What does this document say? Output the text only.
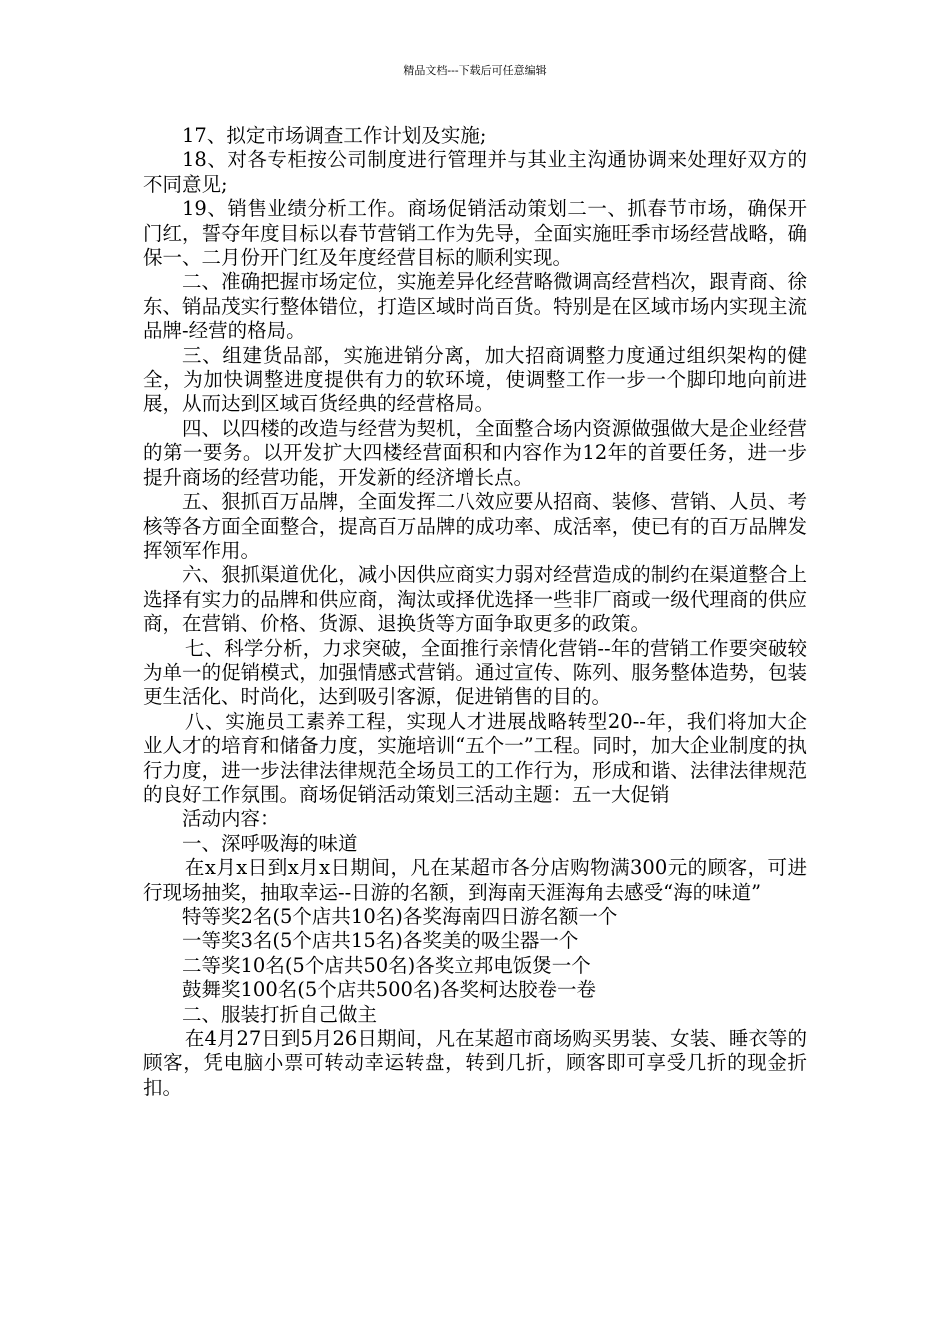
精品文档---下载后可任意编辑

17、拟定市场调查工作计划及实施;

18、对各专柜按公司制度进行管理并与其业主沟通协调来处理好双方的不同意见;

19、销售业绩分析工作。商场促销活动策划二一、抓春节市场，确保开门红，誓夺年度目标以春节营销工作为先导，全面实施旺季市场经营战略，确保一、二月份开门红及年度经营目标的顺利实现。

二、准确把握市场定位，实施差异化经营略微调高经营档次，跟青商、徐东、销品茂实行整体错位，打造区域时尚百货。特别是在区域市场内实现主流品牌-经营的格局。

三、组建货品部，实施进销分离，加大招商调整力度通过组织架构的健全，为加快调整进度提供有力的软环境，使调整工作一步一个脚印地向前进展，从而达到区域百货经典的经营格局。

四、以四楼的改造与经营为契机，全面整合场内资源做强做大是企业经营的第一要务。以开发扩大四楼经营面积和内容作为12年的首要任务，进一步提升商场的经营功能，开发新的经济增长点。

五、狠抓百万品牌，全面发挥二八效应要从招商、装修、营销、人员、考核等各方面全面整合，提高百万品牌的成功率、成活率，使已有的百万品牌发挥领军作用。

六、狠抓渠道优化，减小因供应商实力弱对经营造成的制约在渠道整合上选择有实力的品牌和供应商，淘汰或择优选择一些非厂商或一级代理商的供应商，在营销、价格、货源、退换货等方面争取更多的政策。

七、科学分析，力求突破，全面推行亲情化营销--年的营销工作要突破较为单一的促销模式，加强情感式营销。通过宣传、陈列、服务整体造势，包装更生活化、时尚化，达到吸引客源，促进销售的目的。

八、实施员工素养工程，实现人才进展战略转型20--年，我们将加大企业人才的培育和储备力度，实施培训“五个一”工程。同时，加大企业制度的执行力度，进一步法律法律规范全场员工的工作行为，形成和谐、法律法律规范的良好工作氛围。商场促销活动策划三活动主题：五一大促销

活动内容：

一、深呼吸海的味道

在x月x日到x月x日期间，凡在某超市各分店购物满300元的顾客，可进行现场抽奖，抽取幸运--日游的名额，到海南天涯海角去感受“海的味道”

特等奖2名(5个店共10名)各奖海南四日游名额一个

一等奖3名(5个店共15名)各奖美的吸尘器一个

二等奖10名(5个店共50名)各奖立邦电饭煲一个

鼓舞奖100名(5个店共500名)各奖柯达胶卷一卷

二、服装打折自己做主

在4月27日到5月26日期间，凡在某超市商场购买男装、女装、睡衣等的顾客，凭电脑小票可转动幸运转盘，转到几折，顾客即可享受几折的现金折扣。
